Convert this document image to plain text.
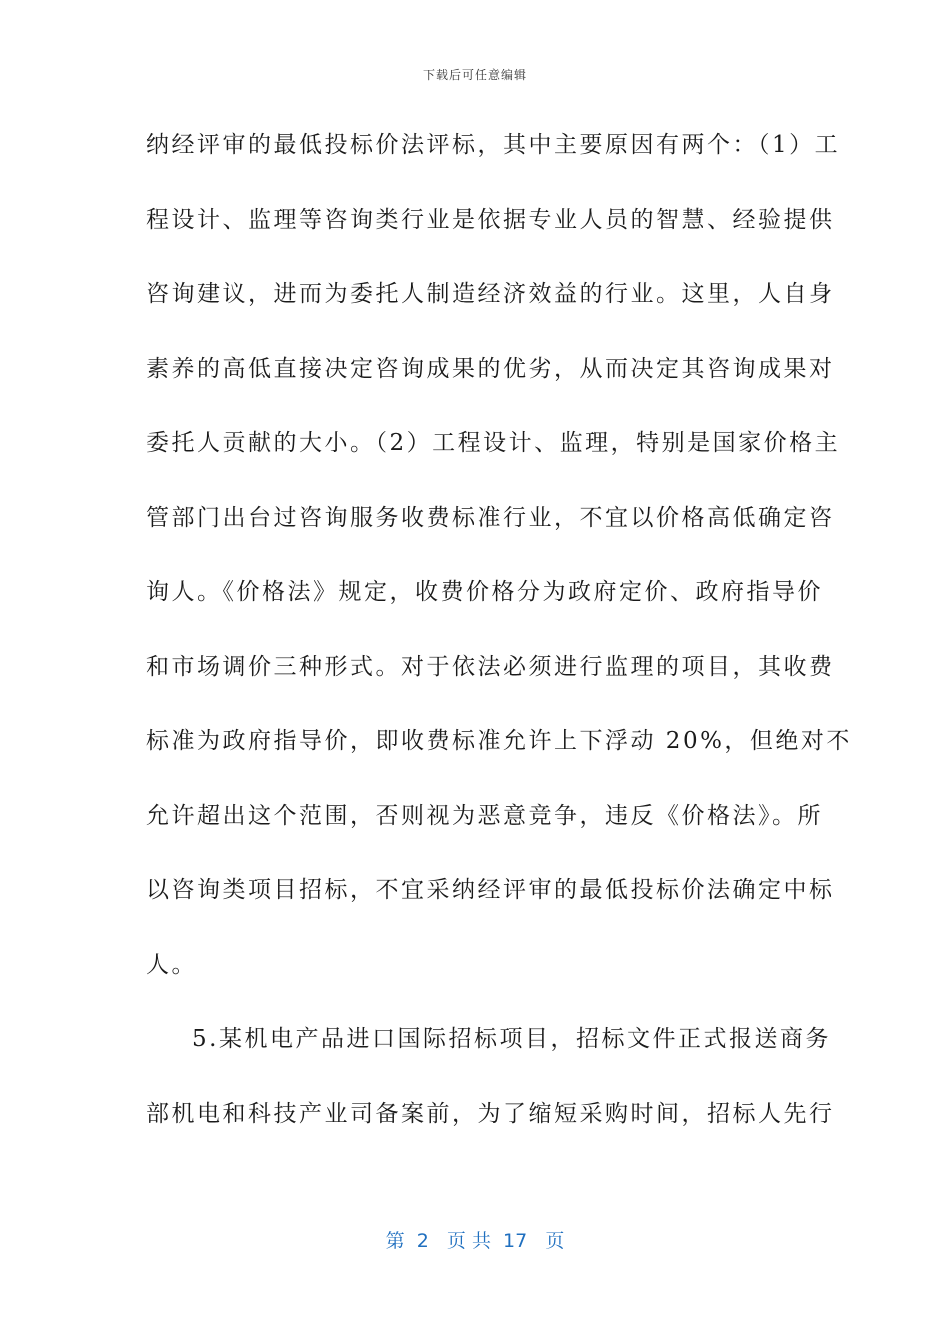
下载后可任意编辑
纳经评审的最低投标价法评标，其中主要原因有两个：（1）工
程设计、监理等咨询类行业是依据专业人员的智慧、经验提供
咨询建议，进而为委托人制造经济效益的行业。这里，人自身
素养的高低直接决定咨询成果的优劣，从而决定其咨询成果对
委托人贡献的大小。（2）工程设计、监理，特别是国家价格主
管部门出台过咨询服务收费标准行业，不宜以价格高低确定咨
询人。《价格法》规定，收费价格分为政府定价、政府指导价
和市场调价三种形式。对于依法必须进行监理的项目，其收费
标准为政府指导价，即收费标准允许上下浮动 20%，但绝对不
允许超出这个范围，否则视为恶意竞争，违反《价格法》。所
以咨询类项目招标，不宜采纳经评审的最低投标价法确定中标
人。
5.某机电产品进口国际招标项目，招标文件正式报送商务
部机电和科技产业司备案前，为了缩短采购时间，招标人先行
第  2   页 共  17   页
